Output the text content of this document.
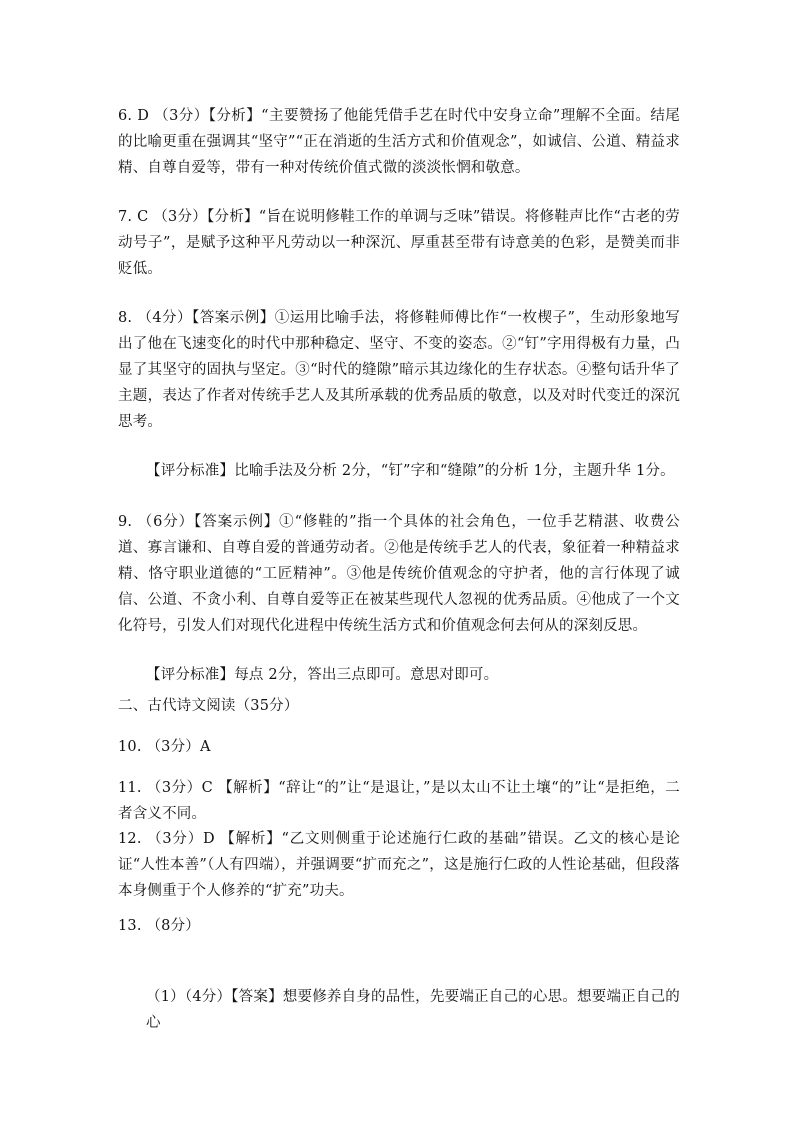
6. D （3分）【分析】“主要赞扬了他能凭借手艺在时代中安身立命”理解不全面。结尾的比喻更重在强调其“坚守”“正在消逝的生活方式和价值观念”，如诚信、公道、精益求精、自尊自爱等，带有一种对传统价值式微的淡淡怅惘和敬意。
7. C （3分）【分析】“旨在说明修鞋工作的单调与乏味”错误。将修鞋声比作“古老的劳动号子”，是赋予这种平凡劳动以一种深沉、厚重甚至带有诗意美的色彩，是赞美而非贬低。
8. （4分）【答案示例】①运用比喻手法，将修鞋师傅比作“一枚楔子”，生动形象地写出了他在飞速变化的时代中那种稳定、坚守、不变的姿态。②“钉”字用得极有力量，凸显了其坚守的固执与坚定。③“时代的缝隙”暗示其边缘化的生存状态。④整句话升华了主题，表达了作者对传统手艺人及其所承载的优秀品质的敬意，以及对时代变迁的深沉思考。
【评分标准】比喻手法及分析 2分，“钉”字和“缝隙”的分析 1分，主题升华 1分。
9. （6分）【答案示例】①“修鞋的”指一个具体的社会角色，一位手艺精湛、收费公道、寡言谦和、自尊自爱的普通劳动者。②他是传统手艺人的代表，象征着一种精益求精、恪守职业道德的“工匠精神”。③他是传统价值观念的守护者，他的言行体现了诚信、公道、不贪小利、自尊自爱等正在被某些现代人忽视的优秀品质。④他成了一个文化符号，引发人们对现代化进程中传统生活方式和价值观念何去何从的深刻反思。
【评分标准】每点 2分，答出三点即可。意思对即可。
二、古代诗文阅读（35分）
10. （3分）A
11. （3分）C 【解析】“辞让“的”让“是退让，”是以太山不让土壤“的”让“是拒绝，二者含义不同。
12. （3分）D 【解析】“乙文则侧重于论述施行仁政的基础”错误。乙文的核心是论证“人性本善”（人有四端），并强调要“扩而充之”，这是施行仁政的人性论基础，但段落本身侧重于个人修养的“扩充”功夫。
13. （8分）
（1）（4分）【答案】想要修养自身的品性，先要端正自己的心思。想要端正自己的心
